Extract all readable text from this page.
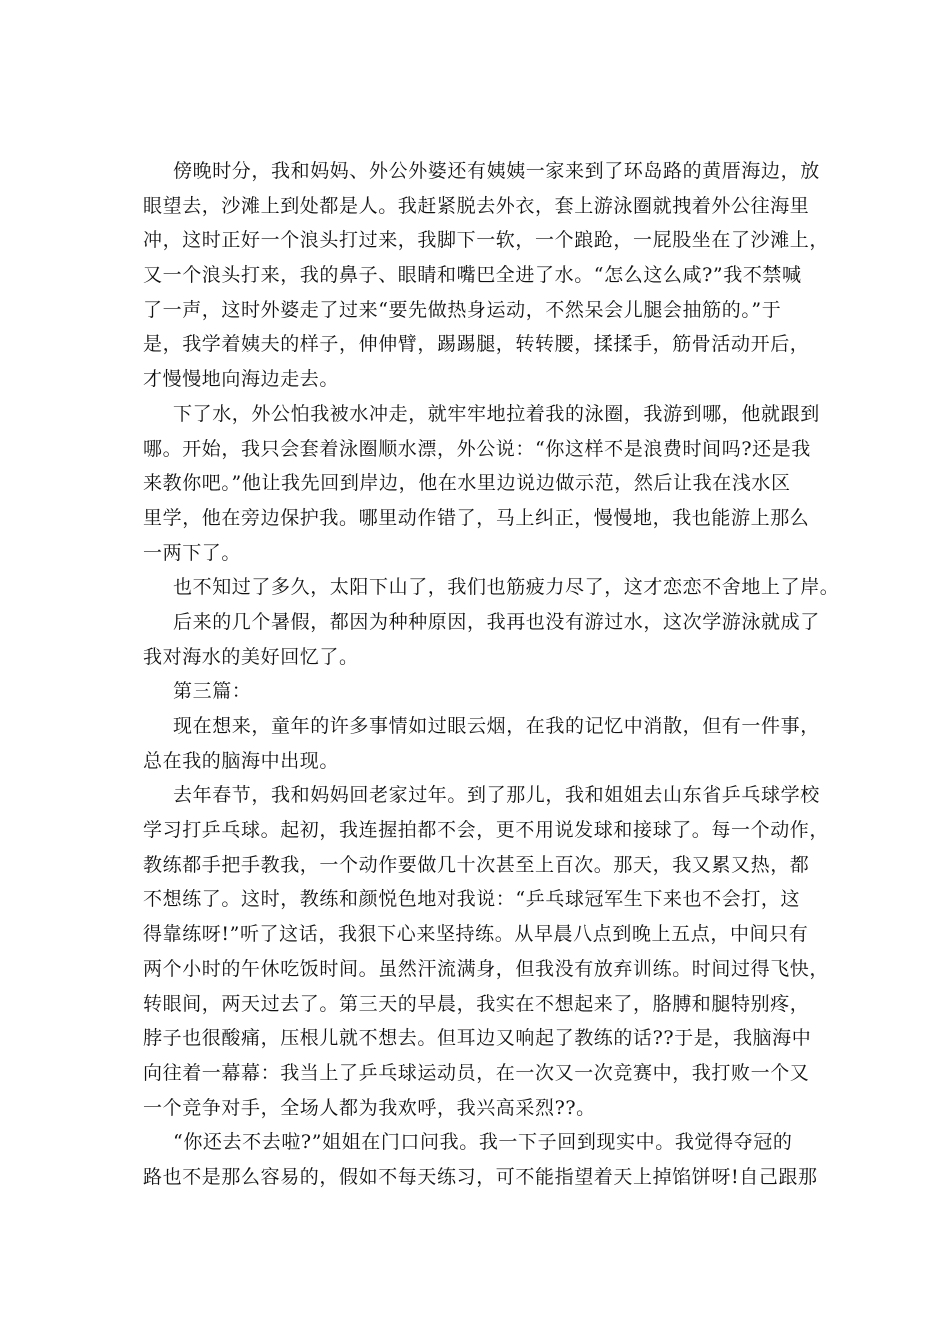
傍晚时分，我和妈妈、外公外婆还有姨姨一家来到了环岛路的黄厝海边，放
眼望去，沙滩上到处都是人。我赶紧脱去外衣，套上游泳圈就拽着外公往海里
冲，这时正好一个浪头打过来，我脚下一软，一个踉跄，一屁股坐在了沙滩上，
又一个浪头打来，我的鼻子、眼睛和嘴巴全进了水。“怎么这么咸?”我不禁喊
了一声，这时外婆走了过来“要先做热身运动，不然呆会儿腿会抽筋的。”于
是，我学着姨夫的样子，伸伸臂，踢踢腿，转转腰，揉揉手，筋骨活动开后，
才慢慢地向海边走去。
下了水，外公怕我被水冲走，就牢牢地拉着我的泳圈，我游到哪，他就跟到
哪。开始，我只会套着泳圈顺水漂，外公说：“你这样不是浪费时间吗?还是我
来教你吧。”他让我先回到岸边，他在水里边说边做示范，然后让我在浅水区
里学，他在旁边保护我。哪里动作错了，马上纠正，慢慢地，我也能游上那么
一两下了。
也不知过了多久，太阳下山了，我们也筋疲力尽了，这才恋恋不舍地上了岸。
后来的几个暑假，都因为种种原因，我再也没有游过水，这次学游泳就成了
我对海水的美好回忆了。
第三篇：
现在想来，童年的许多事情如过眼云烟，在我的记忆中消散，但有一件事，
总在我的脑海中出现。
去年春节，我和妈妈回老家过年。到了那儿，我和姐姐去山东省乒乓球学校
学习打乒乓球。起初，我连握拍都不会，更不用说发球和接球了。每一个动作，
教练都手把手教我，一个动作要做几十次甚至上百次。那天，我又累又热，都
不想练了。这时，教练和颜悦色地对我说：“乒乓球冠军生下来也不会打，这
得靠练呀!”听了这话，我狠下心来坚持练。从早晨八点到晚上五点，中间只有
两个小时的午休吃饭时间。虽然汗流满身，但我没有放弃训练。时间过得飞快，
转眼间，两天过去了。第三天的早晨，我实在不想起来了，胳膊和腿特别疼，
脖子也很酸痛，压根儿就不想去。但耳边又响起了教练的话??于是，我脑海中
向往着一幕幕：我当上了乒乓球运动员，在一次又一次竞赛中，我打败一个又
一个竞争对手，全场人都为我欢呼，我兴高采烈??。
“你还去不去啦?”姐姐在门口问我。我一下子回到现实中。我觉得夺冠的
路也不是那么容易的，假如不每天练习，可不能指望着天上掉馅饼呀!自己跟那
